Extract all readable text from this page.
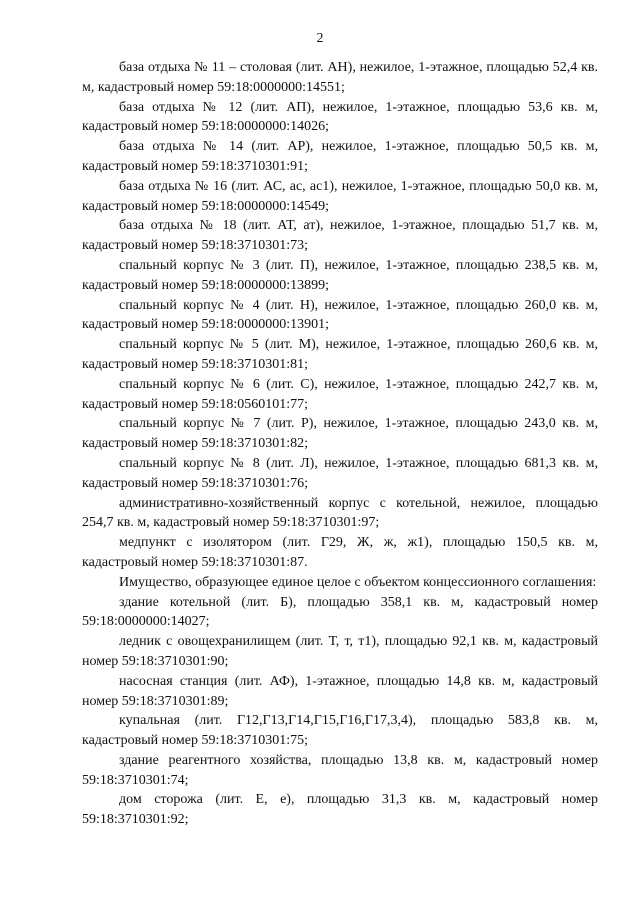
2

база отдыха № 11 – столовая (лит. АН), нежилое, 1-этажное, площадью 52,4 кв. м, кадастровый номер 59:18:0000000:14551;

база отдыха № 12 (лит. АП), нежилое, 1-этажное, площадью 53,6 кв. м, кадастровый номер 59:18:0000000:14026;

база отдыха № 14 (лит. АР), нежилое, 1-этажное, площадью 50,5 кв. м, кадастровый номер 59:18:3710301:91;

база отдыха № 16 (лит. АС, ас, ас1), нежилое, 1-этажное, площадью 50,0 кв. м, кадастровый номер 59:18:0000000:14549;

база отдыха № 18 (лит. АТ, ат), нежилое, 1-этажное, площадью 51,7 кв. м, кадастровый номер 59:18:3710301:73;

спальный корпус № 3 (лит. П), нежилое, 1-этажное, площадью 238,5 кв. м, кадастровый номер 59:18:0000000:13899;

спальный корпус № 4 (лит. Н), нежилое, 1-этажное, площадью 260,0 кв. м, кадастровый номер 59:18:0000000:13901;

спальный корпус № 5 (лит. М), нежилое, 1-этажное, площадью 260,6 кв. м, кадастровый номер 59:18:3710301:81;

спальный корпус № 6 (лит. С), нежилое, 1-этажное, площадью 242,7 кв. м, кадастровый номер 59:18:0560101:77;

спальный корпус № 7 (лит. Р), нежилое, 1-этажное, площадью 243,0 кв. м, кадастровый номер 59:18:3710301:82;

спальный корпус № 8 (лит. Л), нежилое, 1-этажное, площадью 681,3 кв. м, кадастровый номер 59:18:3710301:76;

административно-хозяйственный корпус с котельной, нежилое, площадью 254,7 кв. м, кадастровый номер 59:18:3710301:97;

медпункт с изолятором (лит. Г29, Ж, ж, ж1), площадью 150,5 кв. м, кадастровый номер 59:18:3710301:87.

Имущество, образующее единое целое с объектом концессионного соглашения:

здание котельной (лит. Б), площадью 358,1 кв. м, кадастровый номер 59:18:0000000:14027;

ледник с овощехранилищем (лит. Т, т, т1), площадью 92,1 кв. м, кадастровый номер 59:18:3710301:90;

насосная станция (лит. АФ), 1-этажное, площадью 14,8 кв. м, кадастровый номер 59:18:3710301:89;

купальная (лит. Г12,Г13,Г14,Г15,Г16,Г17,3,4), площадью 583,8 кв. м, кадастровый номер 59:18:3710301:75;

здание реагентного хозяйства, площадью 13,8 кв. м, кадастровый номер 59:18:3710301:74;

дом сторожа (лит. Е, е), площадью 31,3 кв. м, кадастровый номер 59:18:3710301:92;
